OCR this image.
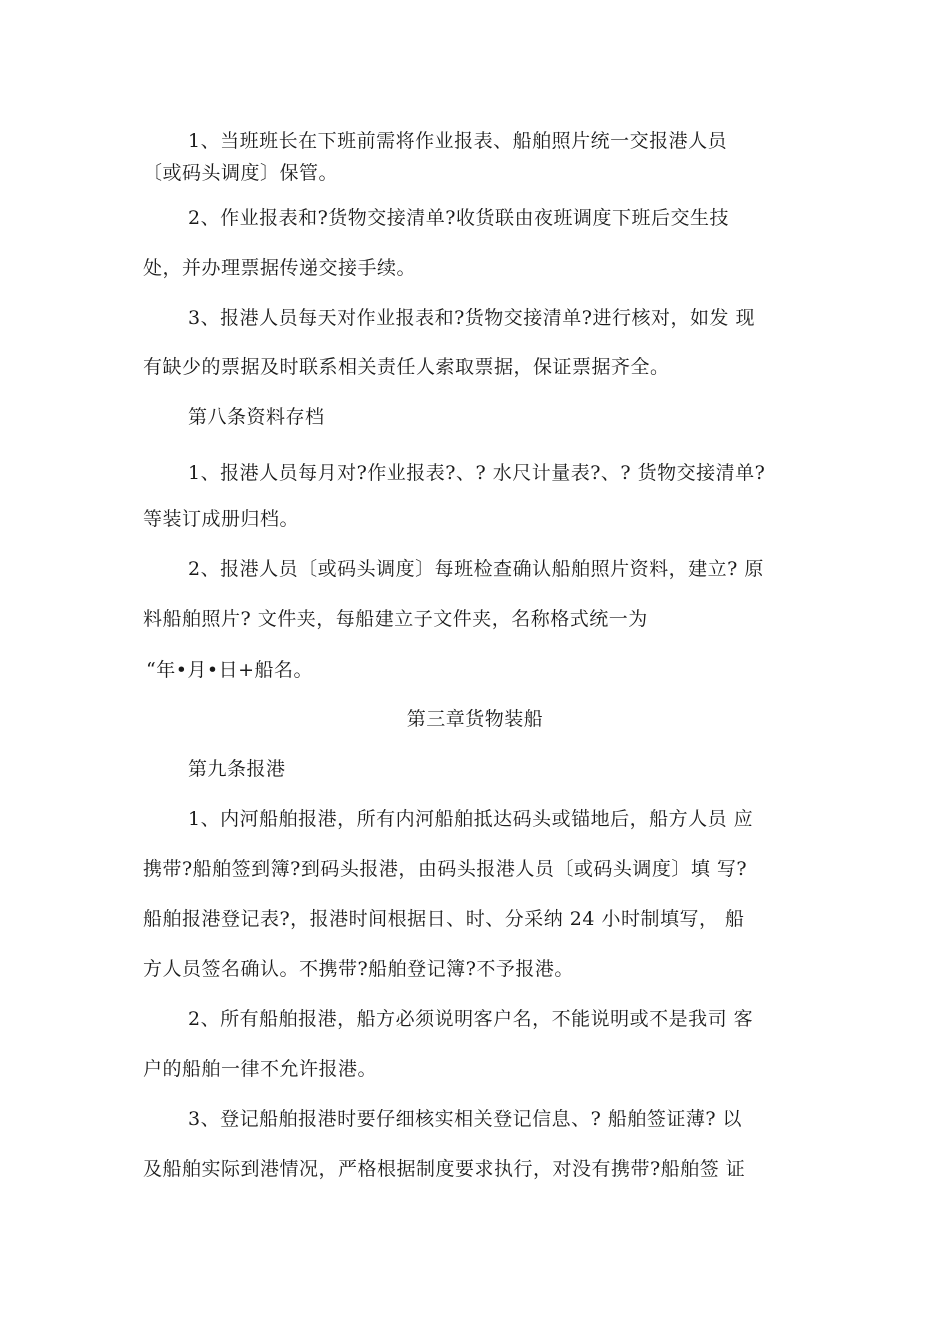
1、当班班长在下班前需将作业报表、船舶照片统一交报港人员
〔或码头调度〕保管。
2、作业报表和?货物交接清单?收货联由夜班调度下班后交生技
处，并办理票据传递交接手续。
3、报港人员每天对作业报表和?货物交接清单?进行核对，如发 现
有缺少的票据及时联系相关责任人索取票据，保证票据齐全。
第八条资料存档
1、报港人员每月对?作业报表?、? 水尺计量表?、? 货物交接清单?
等装订成册归档。
2、报港人员〔或码头调度〕每班检查确认船舶照片资料，建立? 原
料船舶照片? 文件夹，每船建立子文件夹，名称格式统一为
“年•月•日+船名。
第三章货物装船
第九条报港
1、内河船舶报港，所有内河船舶抵达码头或锚地后，船方人员 应
携带?船舶签到簿?到码头报港，由码头报港人员〔或码头调度〕填 写?
船舶报港登记表?，报港时间根据日、时、分采纳 24 小时制填写， 船
方人员签名确认。不携带?船舶登记簿?不予报港。
2、所有船舶报港，船方必须说明客户名，不能说明或不是我司 客
户的船舶一律不允许报港。
3、登记船舶报港时要仔细核实相关登记信息、? 船舶签证薄? 以
及船舶实际到港情况，严格根据制度要求执行，对没有携带?船舶签 证
